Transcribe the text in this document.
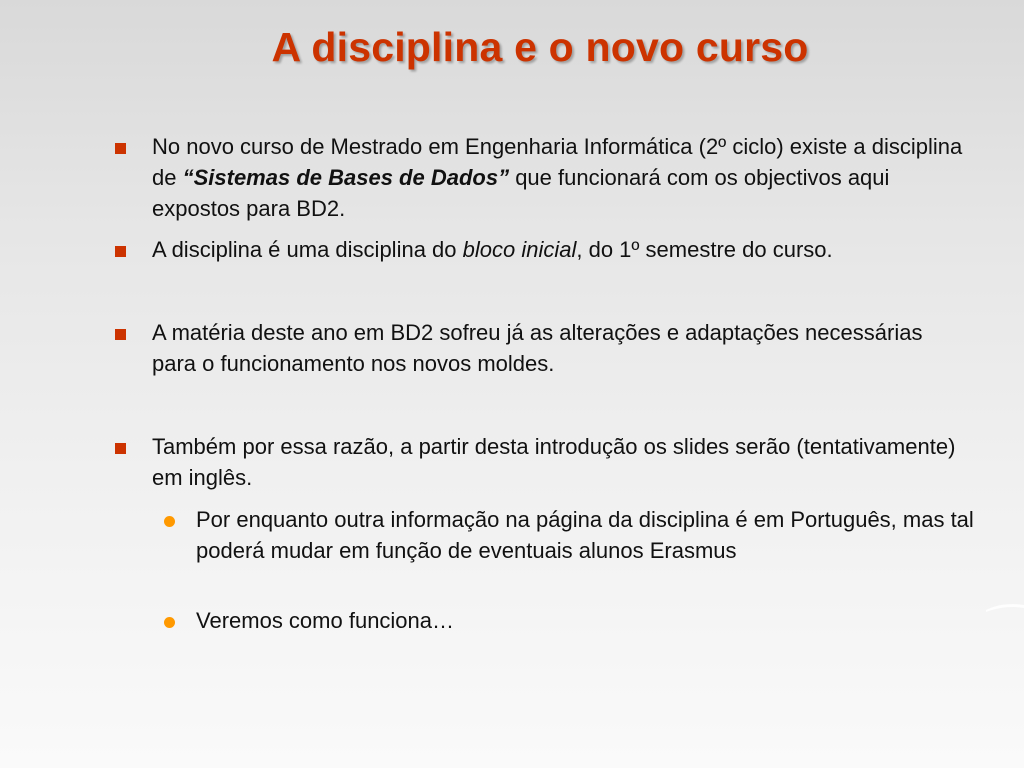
A disciplina e o novo curso
No novo curso de Mestrado em Engenharia Informática (2º ciclo) existe a disciplina de “Sistemas de Bases de Dados” que funcionará com os objectivos aqui expostos para BD2.
A disciplina é uma disciplina do bloco inicial, do 1º semestre do curso.
A matéria deste ano em BD2 sofreu já as alterações e adaptações necessárias para o funcionamento nos novos moldes.
Também por essa razão, a partir desta introdução os slides serão (tentativamente) em inglês.
Por enquanto outra informação na página da disciplina é em Português, mas tal poderá mudar em função de eventuais alunos Erasmus
Veremos como funciona…
